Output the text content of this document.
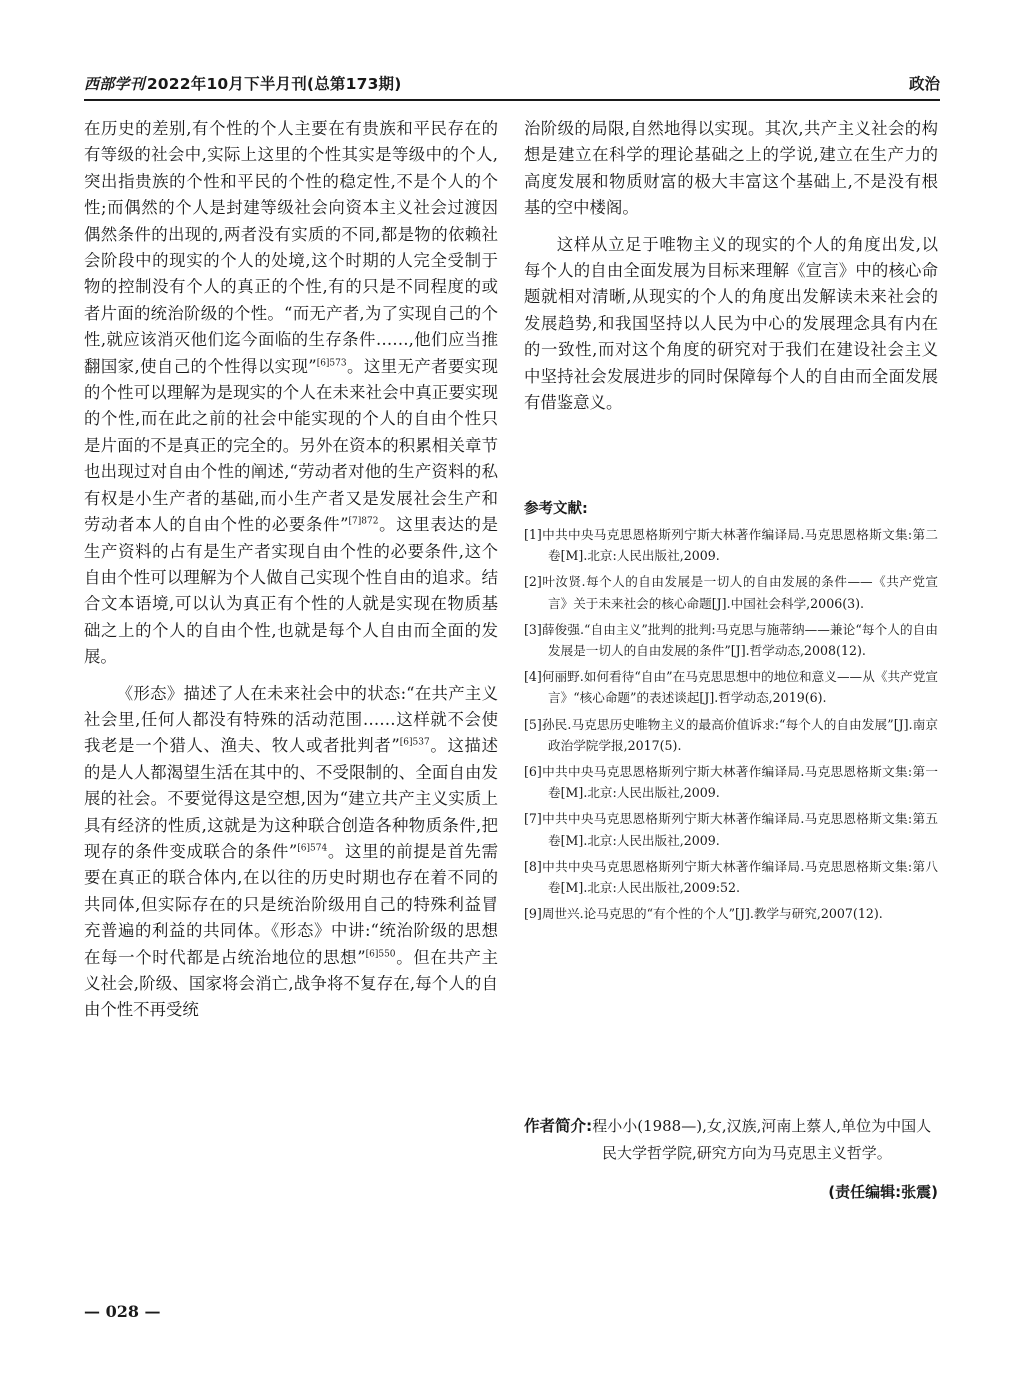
西部学刊 2022年10月下半月刊(总第173期)	政治

在历史的差别,有个性的个人主要在有贵族和平民存在的有等级的社会中,实际上这里的个性其实是等级中的个人,突出指贵族的个性和平民的个性的稳定性,不是个人的个性;而偶然的个人是封建等级社会向资本主义社会过渡因偶然条件的出现的,两者没有实质的不同,都是物的依赖社会阶段中的现实的个人的处境,这个时期的人完全受制于物的控制没有个人的真正的个性,有的只是不同程度的或者片面的统治阶级的个性。“而无产者,为了实现自己的个性,就应该消灭他们迄今面临的生存条件……,他们应当推翻国家,使自己的个性得以实现”$^{[6]573}$。这里无产者要实现的个性可以理解为是现实的个人在未来社会中真正要实现的个性,而在此之前的社会中能实现的个人的自由个性只是片面的不是真正的完全的。另外在资本的积累相关章节也出现过对自由个性的阐述,“劳动者对他的生产资料的私有权是小生产者的基础,而小生产者又是发展社会生产和劳动者本人的自由个性的必要条件”$^{[7]872}$。这里表达的是生产资料的占有是生产者实现自由个性的必要条件,这个自由个性可以理解为个人做自己实现个性自由的追求。结合文本语境,可以认为真正有个性的人就是实现在物质基础之上的个人的自由个性,也就是每个人自由而全面的发展。

《形态》描述了人在未来社会中的状态:“在共产主义社会里,任何人都没有特殊的活动范围……这样就不会使我老是一个猎人、渔夫、牧人或者批判者”$^{[6]537}$。这描述的是人人都渴望生活在其中的、不受限制的、全面自由发展的社会。不要觉得这是空想,因为“建立共产主义实质上具有经济的性质,这就是为这种联合创造各种物质条件,把现存的条件变成联合的条件”$^{[6]574}$。这里的前提是首先需要在真正的联合体内,在以往的历史时期也存在着不同的共同体,但实际存在的只是统治阶级用自己的特殊利益冒充普遍的利益的共同体。《形态》中讲:“统治阶级的思想在每一个时代都是占统治地位的思想”$^{[6]550}$。但在共产主义社会,阶级、国家将会消亡,战争将不复存在,每个人的自由个性不再受统

治阶级的局限,自然地得以实现。其次,共产主义社会的构想是建立在科学的理论基础之上的学说,建立在生产力的高度发展和物质财富的极大丰富这个基础上,不是没有根基的空中楼阁。

这样从立足于唯物主义的现实的个人的角度出发,以每个人的自由全面发展为目标来理解《宣言》中的核心命题就相对清晰,从现实的个人的角度出发解读未来社会的发展趋势,和我国坚持以人民为中心的发展理念具有内在的一致性,而对这个角度的研究对于我们在建设社会主义中坚持社会发展进步的同时保障每个人的自由而全面发展有借鉴意义。

参考文献:
[1]中共中央马克思恩格斯列宁斯大林著作编译局.马克思恩格斯文集:第二卷[M].北京:人民出版社,2009.
[2]叶汝贤.每个人的自由发展是一切人的自由发展的条件——《共产党宣言》关于未来社会的核心命题[J].中国社会科学,2006(3).
[3]薛俊强.“自由主义”批判的批判:马克思与施蒂纳——兼论“每个人的自由发展是一切人的自由发展的条件”[J].哲学动态,2008(12).
[4]何丽野.如何看待“自由”在马克思思想中的地位和意义——从《共产党宣言》“核心命题”的表述谈起[J].哲学动态,2019(6).
[5]孙民.马克思历史唯物主义的最高价值诉求:“每个人的自由发展”[J].南京政治学院学报,2017(5).
[6]中共中央马克思恩格斯列宁斯大林著作编译局.马克思恩格斯文集:第一卷[M].北京:人民出版社,2009.
[7]中共中央马克思恩格斯列宁斯大林著作编译局.马克思恩格斯文集:第五卷[M].北京:人民出版社,2009.
[8]中共中央马克思恩格斯列宁斯大林著作编译局.马克思恩格斯文集:第八卷[M].北京:人民出版社,2009:52.
[9]周世兴.论马克思的“有个性的个人”[J].教学与研究,2007(12).
作者简介:程小小(1988—),女,汉族,河南上蔡人,单位为中国人民大学哲学院,研究方向为马克思主义哲学。
(责任编辑:张震)
— 028 —
